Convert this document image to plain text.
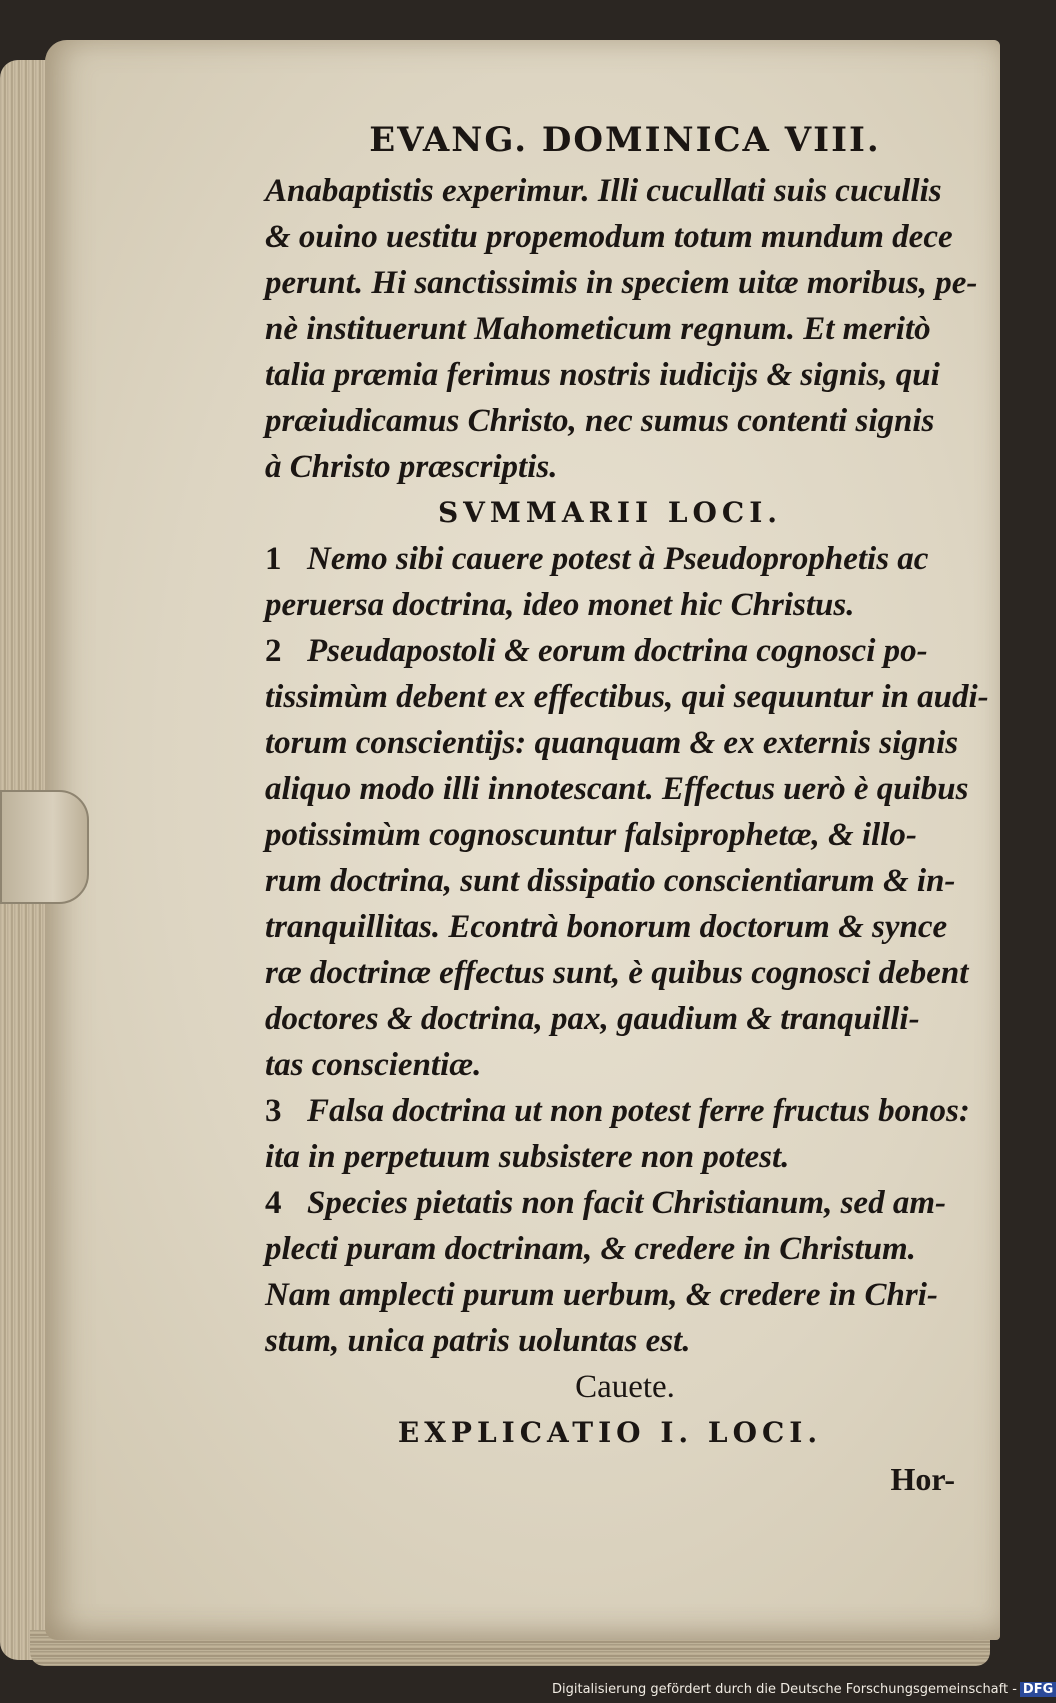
EVANG. DOMINICA VIII.
Anabaptistis experimur. Illi cucullati suis cucullis
& ouino uestitu propemodum totum mundum dece
perunt. Hi sanctissimis in speciem uitæ moribus, pe-
nè instituerunt Mahometicum regnum. Et meritò
talia præmia ferimus nostris iudicijs & signis, qui
præiudicamus Christo, nec sumus contenti signis
à Christo præscriptis.
SVMMARII LOCI.
1 Nemo sibi cauere potest à Pseudoprophetis ac
peruersa doctrina, ideo monet hic Christus.
2 Pseudapostoli & eorum doctrina cognosci po-
tissimùm debent ex effectibus, qui sequuntur in audi-
torum conscientijs: quanquam & ex externis signis
aliquo modo illi innotescant. Effectus uerò è quibus
potissimùm cognoscuntur falsiprophetæ, & illo-
rum doctrina, sunt dissipatio conscientiarum & in-
tranquillitas. Econtrà bonorum doctorum & synce
ræ doctrinæ effectus sunt, è quibus cognosci debent
doctores & doctrina, pax, gaudium & tranquilli-
tas conscientiæ.
3 Falsa doctrina ut non potest ferre fructus bonos:
ita in perpetuum subsistere non potest.
4 Species pietatis non facit Christianum, sed am-
plecti puram doctrinam, & credere in Christum.
Nam amplecti purum uerbum, & credere in Chri-
stum, unica patris uoluntas est.
Cauete.
EXPLICATIO I. LOCI.
Hor-
Digitalisierung gefördert durch die Deutsche Forschungsgemeinschaft - DFG
